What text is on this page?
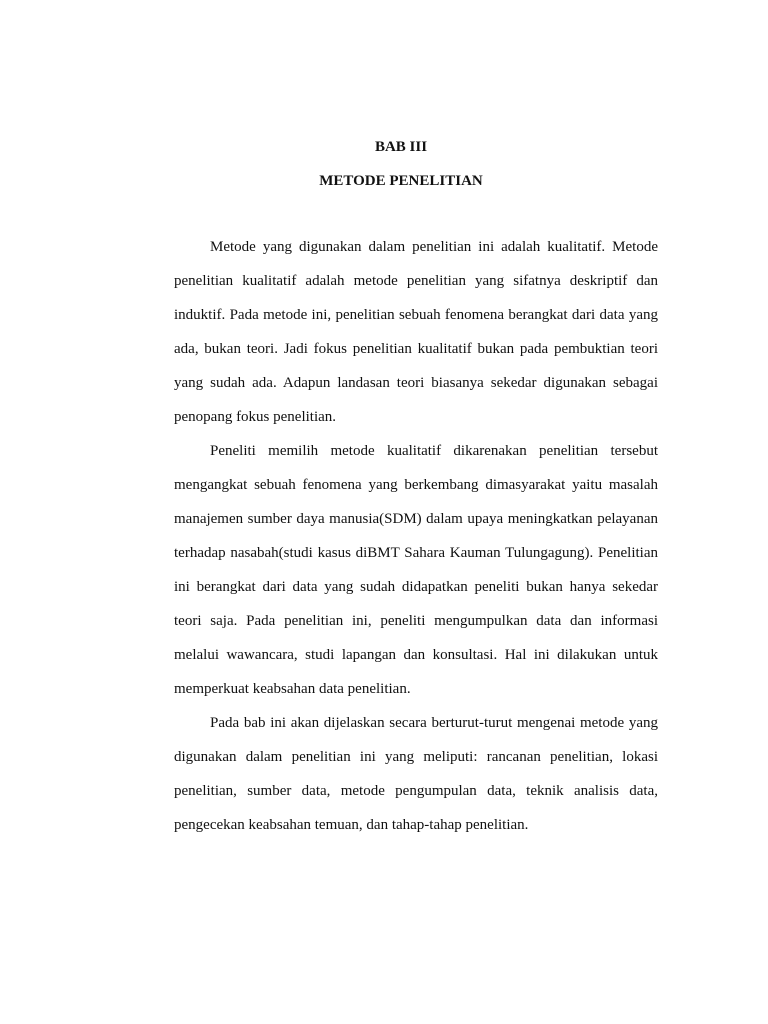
BAB III
METODE PENELITIAN

Metode yang digunakan dalam penelitian ini adalah kualitatif. Metode penelitian kualitatif adalah metode penelitian yang sifatnya deskriptif dan induktif. Pada metode ini, penelitian sebuah fenomena berangkat dari data yang ada, bukan teori. Jadi fokus penelitian kualitatif bukan pada pembuktian teori yang sudah ada. Adapun landasan teori biasanya sekedar digunakan sebagai penopang fokus penelitian.

Peneliti memilih metode kualitatif dikarenakan penelitian tersebut mengangkat sebuah fenomena yang berkembang dimasyarakat yaitu masalah manajemen sumber daya manusia(SDM) dalam upaya meningkatkan pelayanan terhadap nasabah(studi kasus diBMT Sahara Kauman Tulungagung). Penelitian ini berangkat dari data yang sudah didapatkan peneliti bukan hanya sekedar teori saja. Pada penelitian ini, peneliti mengumpulkan data dan informasi melalui wawancara, studi lapangan dan konsultasi. Hal ini dilakukan untuk memperkuat keabsahan data penelitian.

Pada bab ini akan dijelaskan secara berturut-turut mengenai metode yang digunakan dalam penelitian ini yang meliputi: rancanan penelitian, lokasi penelitian, sumber data, metode pengumpulan data, teknik analisis data, pengecekan keabsahan temuan, dan tahap-tahap penelitian.
